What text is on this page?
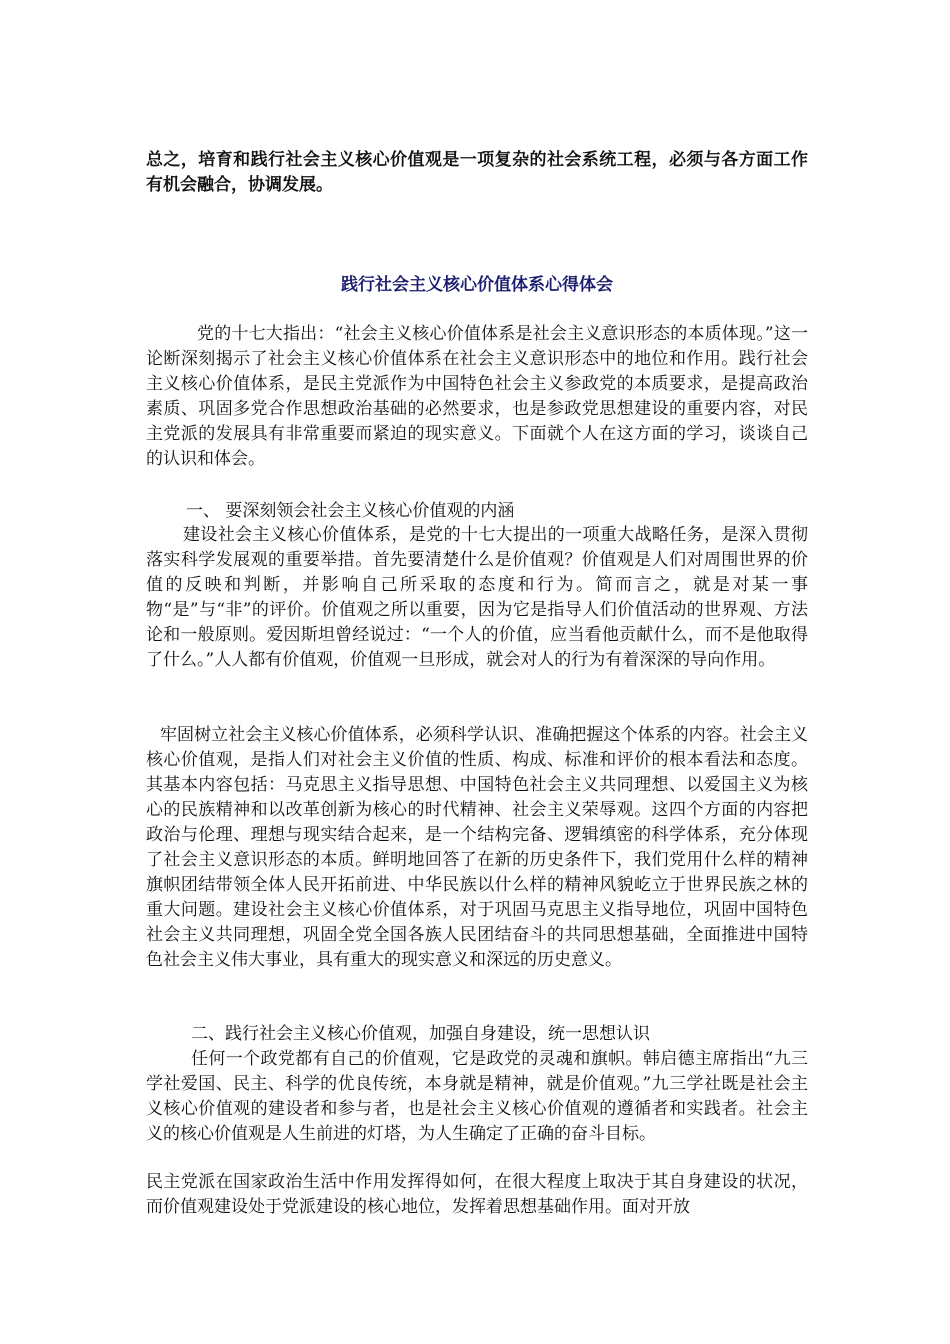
总之，培育和践行社会主义核心价值观是一项复杂的社会系统工程，必须与各方面工作有机会融合，协调发展。

践行社会主义核心价值体系心得体会

党的十七大指出：“社会主义核心价值体系是社会主义意识形态的本质体现。”这一论断深刻揭示了社会主义核心价值体系在社会主义意识形态中的地位和作用。践行社会主义核心价值体系，是民主党派作为中国特色社会主义参政党的本质要求，是提高政治素质、巩固多党合作思想政治基础的必然要求，也是参政党思想建设的重要内容，对民主党派的发展具有非常重要而紧迫的现实意义。下面就个人在这方面的学习，谈谈自己的认识和体会。

一、 要深刻领会社会主义核心价值观的内涵

建设社会主义核心价值体系，是党的十七大提出的一项重大战略任务，是深入贯彻落实科学发展观的重要举措。首先要清楚什么是价值观？价值观是人们对周围世界的价值的反映和判断，并影响自己所采取的态度和行为。简而言之，就是对某一事物“是”与“非”的评价。价值观之所以重要，因为它是指导人们价值活动的世界观、方法论和一般原则。爱因斯坦曾经说过：“一个人的价值，应当看他贡献什么，而不是他取得了什么。”人人都有价值观，价值观一旦形成，就会对人的行为有着深深的导向作用。

牢固树立社会主义核心价值体系，必须科学认识、准确把握这个体系的内容。社会主义核心价值观，是指人们对社会主义价值的性质、构成、标准和评价的根本看法和态度。其基本内容包括：马克思主义指导思想、中国特色社会主义共同理想、以爱国主义为核心的民族精神和以改革创新为核心的时代精神、社会主义荣辱观。这四个方面的内容把政治与伦理、理想与现实结合起来，是一个结构完备、逻辑缜密的科学体系，充分体现了社会主义意识形态的本质。鲜明地回答了在新的历史条件下，我们党用什么样的精神旗帜团结带领全体人民开拓前进、中华民族以什么样的精神风貌屹立于世界民族之林的重大问题。建设社会主义核心价值体系，对于巩固马克思主义指导地位，巩固中国特色社会主义共同理想，巩固全党全国各族人民团结奋斗的共同思想基础，全面推进中国特色社会主义伟大事业，具有重大的现实意义和深远的历史意义。

二、践行社会主义核心价值观，加强自身建设，统一思想认识

任何一个政党都有自己的价值观，它是政党的灵魂和旗帜。韩启德主席指出“九三学社爱国、民主、科学的优良传统，本身就是精神，就是价值观。”九三学社既是社会主义核心价值观的建设者和参与者，也是社会主义核心价值观的遵循者和实践者。社会主义的核心价值观是人生前进的灯塔，为人生确定了正确的奋斗目标。

民主党派在国家政治生活中作用发挥得如何，在很大程度上取决于其自身建设的状况，而价值观建设处于党派建设的核心地位，发挥着思想基础作用。面对开放
